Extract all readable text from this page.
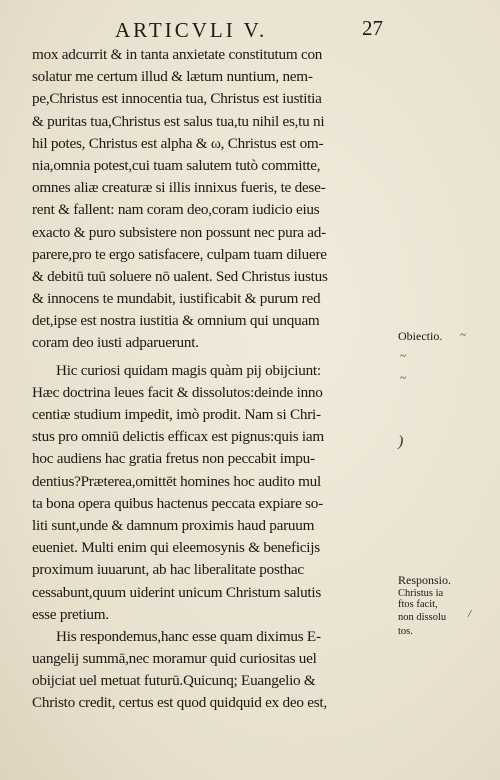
ARTICVLI V.	27
mox adcurrit & in tanta anxietate constitutum con
solatur me certum illud & lætum nuntium, nem-
pe,Christus est innocentia tua, Christus est iustitia
& puritas tua,Christus est salus tua,tu nihil es,tu ni
hil potes, Christus est alpha & ω, Christus est om-
nia,omnia potest,cui tuam salutem tutò committe,
omnes aliæ creaturæ si illis innixus fueris, te dese-
rent & fallent: nam coram deo,coram iudicio eius
exacto & puro subsistere non possunt nec pura ad-
parere,pro te ergo satisfacere, culpam tuam diluere
& debitū tuū soluere nō ualent. Sed Christus iustus
& innocens te mundabit, iustificabit & purum red
det,ipse est nostra iustitia & omnium qui unquam
coram deo iusti adparuerunt.
Hic curiosi quidam magis quàm pij obijciunt:
Hæc doctrina leues facit & dissolutos:deinde inno
centiæ studium impedit, imò prodit. Nam si Chri-
stus pro omniū delictis efficax est pignus:quis iam
hoc audiens hac gratia fretus non peccabit impu-
dentius?Præterea,omittēt homines hoc audito mul
ta bona opera quibus hactenus peccata expiare so-
liti sunt,unde & damnum proximis haud paruum
eueniet. Multi enim qui eleemosynis & beneficijs
proximum iuuarunt, ab hac liberalitate posthac
cessabunt,quum uiderint unicum Christum salutis
esse pretium.
His respondemus,hanc esse quam diximus E-
uangelij summā,nec moramur quid curiositas uel
obijciat uel metuat futurū.Quicunq; Euangelio &
Christo credit, certus est quod quidquid ex deo est,
Obiectio. ~
~
~
)
Responsio.
Christus ia
ftos facit,
non dissolu
tos.
/
